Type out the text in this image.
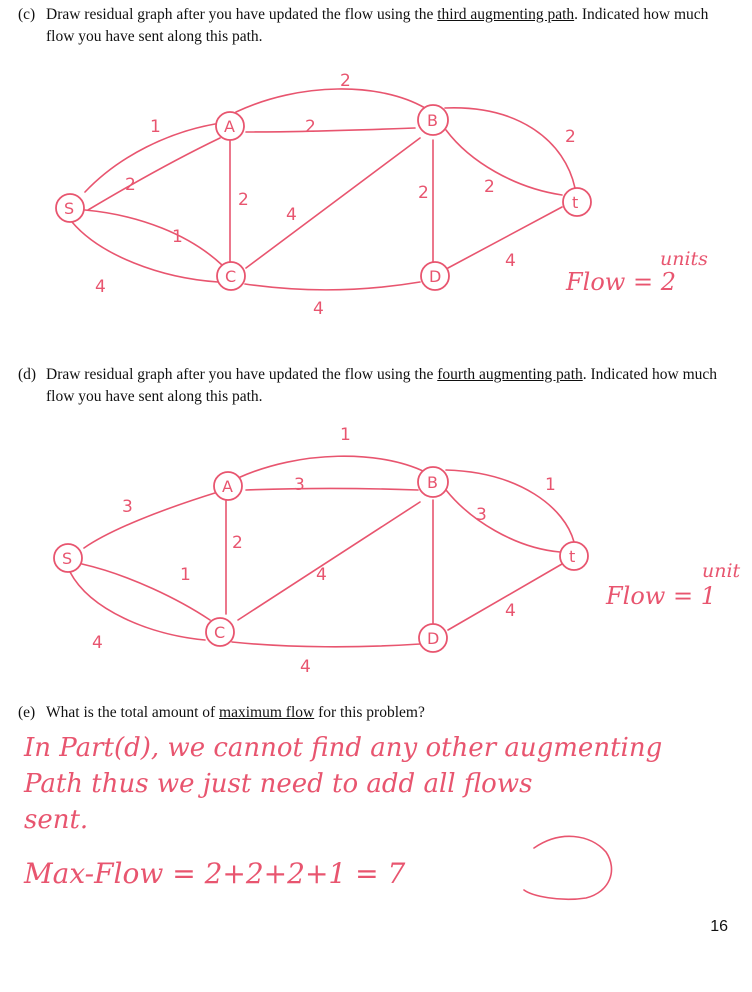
(c) Draw residual graph after you have updated the flow using the third augmenting path. Indicated how much flow you have sent along this path.
S
A	B
C	D
t
1
2
2	2
2
2	2
1
4
2
4
4
4
Flow = 2
units
(d) Draw residual graph after you have updated the flow using the fourth augmenting path. Indicated how much flow you have sent along this path.
S
A	B
C	D
t
1
3
3
2
3
1
1	4
4
4
4
Flow = 1
unit
(e) What is the total amount of maximum flow for this problem?
In Part(d), we cannot find any other augmenting
Path thus we just need to add all flows
sent.
Max-Flow = 2+2+2+1 = 7
16
